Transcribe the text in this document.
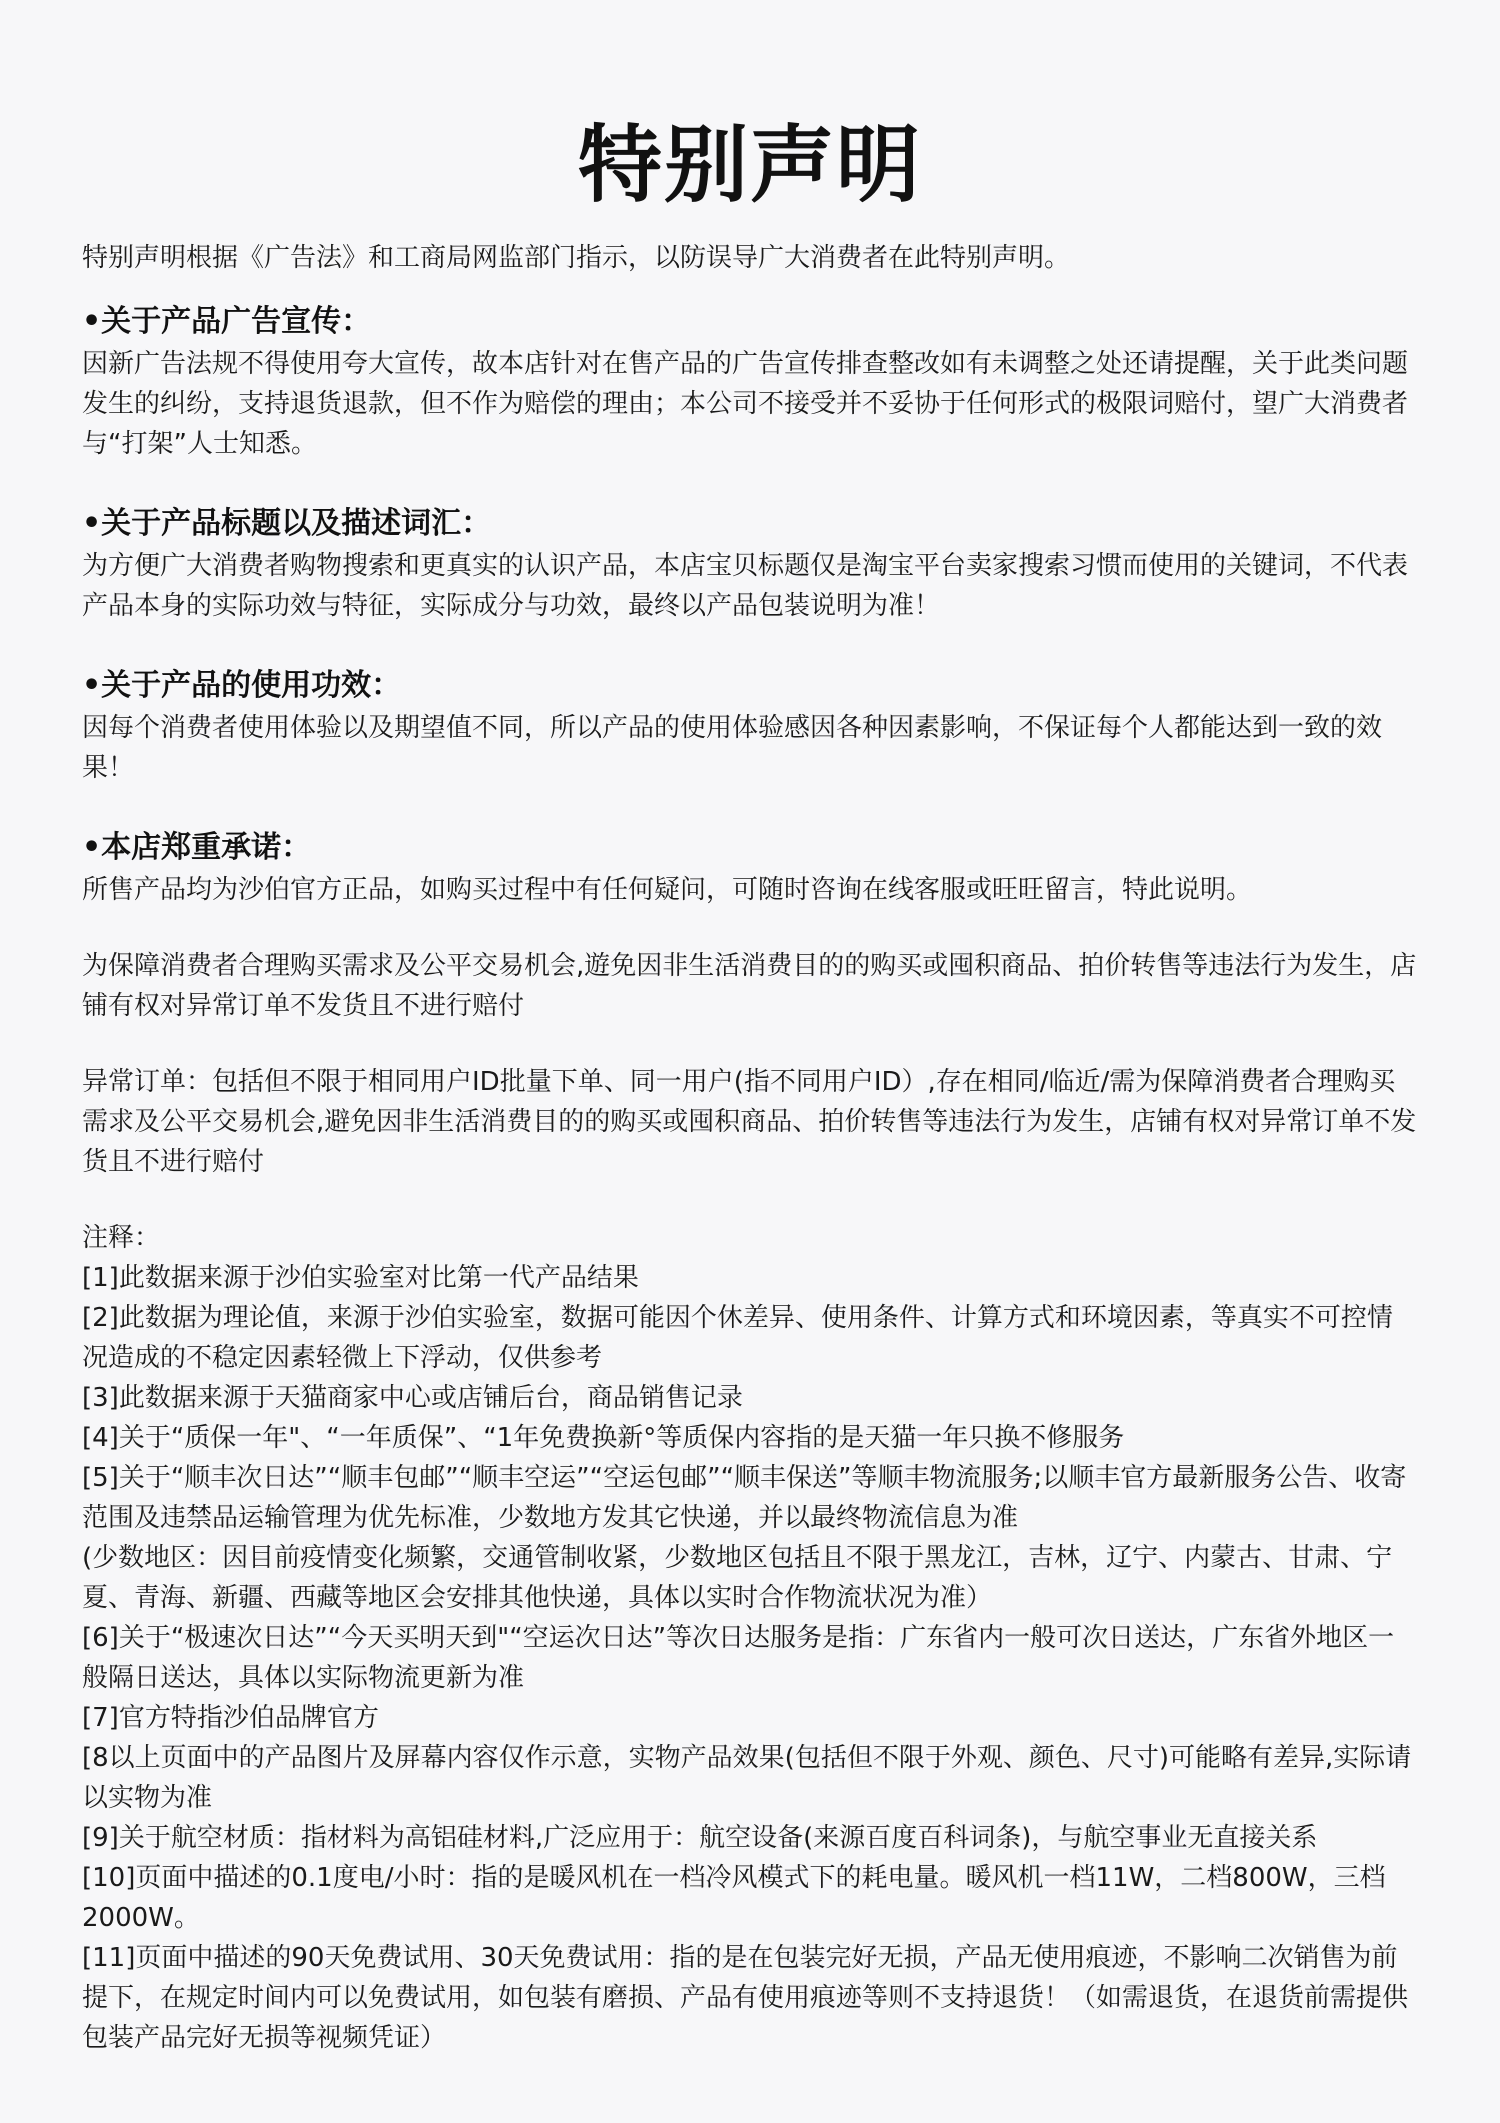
特别声明

特别声明根据《广告法》和工商局网监部门指示，以防误导广大消费者在此特别声明。

•关于产品广告宣传：

因新广告法规不得使用夸大宣传，故本店针对在售产品的广告宣传排查整改如有未调整之处还请提醒，关于此类问题发生的纠纷，支持退货退款，但不作为赔偿的理由；本公司不接受并不妥协于任何形式的极限词赔付，望广大消费者与“打架”人士知悉。

•关于产品标题以及描述词汇：

为方便广大消费者购物搜索和更真实的认识产品，本店宝贝标题仅是淘宝平台卖家搜索习惯而使用的关键词，不代表产品本身的实际功效与特征，实际成分与功效，最终以产品包装说明为准！

•关于产品的使用功效：

因每个消费者使用体验以及期望值不同，所以产品的使用体验感因各种因素影响，不保证每个人都能达到一致的效果！

•本店郑重承诺：

所售产品均为沙伯官方正品，如购买过程中有任何疑问，可随时咨询在线客服或旺旺留言，特此说明。

为保障消费者合理购买需求及公平交易机会,遊免因非生活消费目的的购买或囤积商品、拍价转售等违法行为发生，店铺有权对异常订单不发货且不进行赔付

异常订单：包括但不限于相同用户ID批量下单、同一用户(指不同用户ID）,存在相同/临近/需为保障消费者合理购买需求及公平交易机会,避免因非生活消费目的的购买或囤积商品、拍价转售等违法行为发生，店铺有权对异常订单不发货且不进行赔付

注释：

[1]此数据来源于沙伯实验室对比第一代产品结果

[2]此数据为理论值，来源于沙伯实验室，数据可能因个休差异、使用条件、计算方式和环境因素，等真实不可控情况造成的不稳定因素轻微上下浮动，仅供参考

[3]此数据来源于天猫商家中心或店铺后台，商品销售记录

[4]关于“质保一年"、“一年质保”、“1年免费换新°等质保内容指的是天猫一年只换不修服务

[5]关于“顺丰次日达”“顺丰包邮”“顺丰空运”“空运包邮”“顺丰保送”等顺丰物流服务;以顺丰官方最新服务公告、收寄范围及违禁品运输管理为优先标准，少数地方发其它快递，并以最终物流信息为准

(少数地区：因目前疫情变化频繁，交通管制收紧，少数地区包括且不限于黑龙江，吉林，辽宁、内蒙古、甘肃、宁夏、青海、新疆、西藏等地区会安排其他快递，具体以实时合作物流状况为准）

[6]关于“极速次日达”“今天买明天到"“空运次日达”等次日达服务是指：广东省内一般可次日送达，广东省外地区一般隔日送达，具体以实际物流更新为准

[7]官方特指沙伯品牌官方

[8以上页面中的产品图片及屏幕内容仅作示意，实物产品效果(包括但不限于外观、颜色、尺寸)可能略有差异,实际请以实物为准

[9]关于航空材质：指材料为高铝硅材料,广泛应用于：航空设备(来源百度百科词条)，与航空事业无直接关系

[10]页面中描述的0.1度电/小时：指的是暖风机在一档冷风模式下的耗电量。暖风机一档11W，二档800W，三档2000W。

[11]页面中描述的90天免费试用、30天免费试用：指的是在包装完好无损，产品无使用痕迹，不影响二次销售为前提下，在规定时间内可以免费试用，如包装有磨损、产品有使用痕迹等则不支持退货！（如需退货，在退货前需提供包装产品完好无损等视频凭证）
